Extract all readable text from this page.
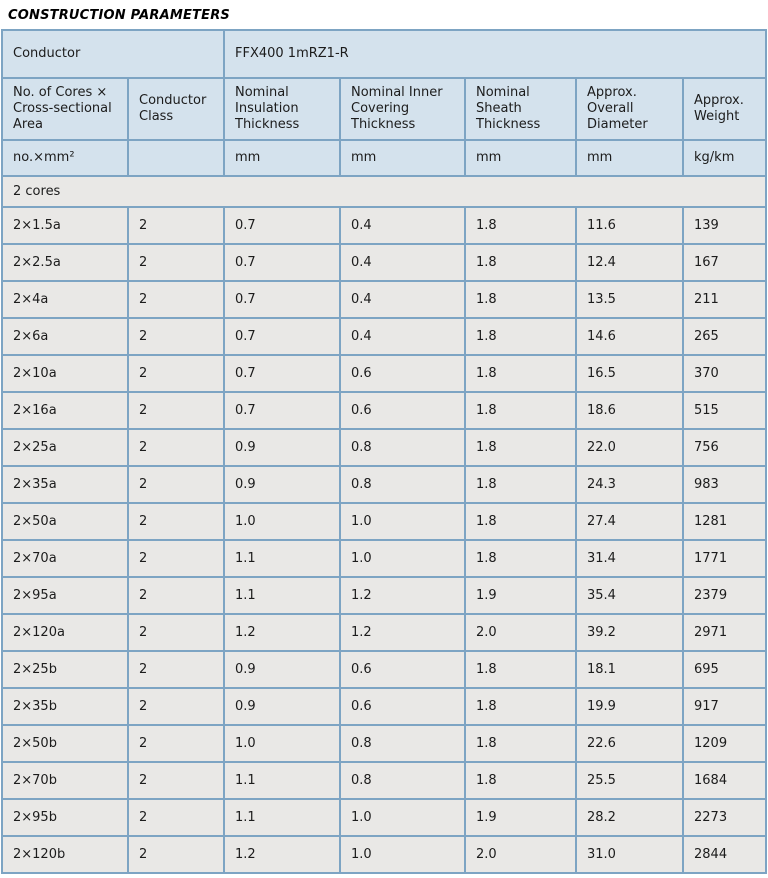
CONSTRUCTION PARAMETERS
Conductor		FFX400 1mRZ1-R				
No. of Cores × Cross-sectional Area	Conductor Class	Nominal Insulation Thickness	Nominal Inner Covering Thickness	Nominal Sheath Thickness	Approx. Overall Diameter	Approx. Weight
no.×mm²		mm	mm	mm	mm	kg/km
2 cores						
2×1.5a	2	0.7	0.4	1.8	11.6	139
2×2.5a	2	0.7	0.4	1.8	12.4	167
2×4a	2	0.7	0.4	1.8	13.5	211
2×6a	2	0.7	0.4	1.8	14.6	265
2×10a	2	0.7	0.6	1.8	16.5	370
2×16a	2	0.7	0.6	1.8	18.6	515
2×25a	2	0.9	0.8	1.8	22.0	756
2×35a	2	0.9	0.8	1.8	24.3	983
2×50a	2	1.0	1.0	1.8	27.4	1281
2×70a	2	1.1	1.0	1.8	31.4	1771
2×95a	2	1.1	1.2	1.9	35.4	2379
2×120a	2	1.2	1.2	2.0	39.2	2971
2×25b	2	0.9	0.6	1.8	18.1	695
2×35b	2	0.9	0.6	1.8	19.9	917
2×50b	2	1.0	0.8	1.8	22.6	1209
2×70b	2	1.1	0.8	1.8	25.5	1684
2×95b	2	1.1	1.0	1.9	28.2	2273
2×120b	2	1.2	1.0	2.0	31.0	2844
